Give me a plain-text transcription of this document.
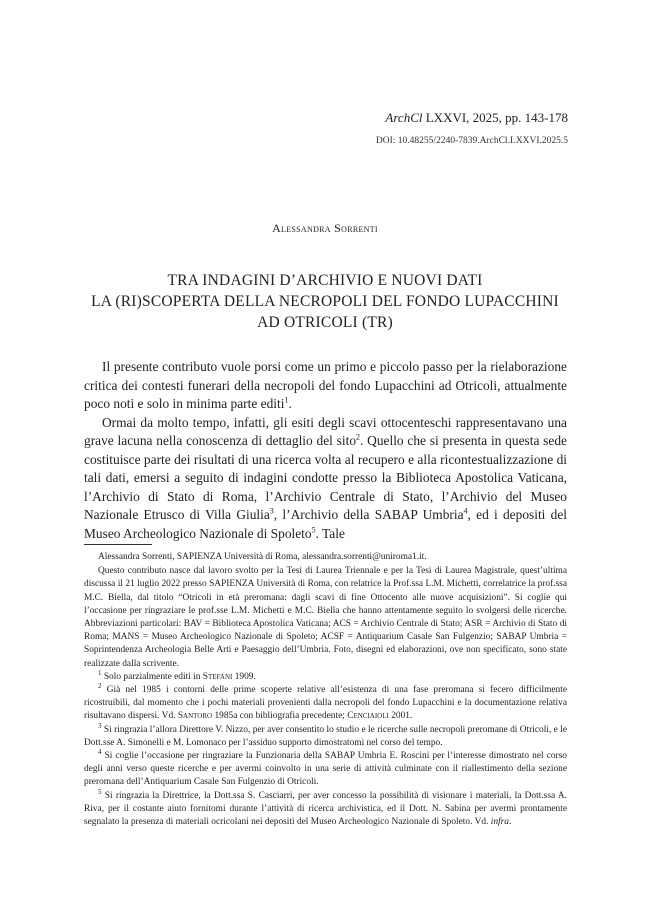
ArchCl LXXVI, 2025, pp. 143-178
DOI: 10.48255/2240-7839.ArchCl.LXXVI.2025.5
Alessandra Sorrenti
TRA INDAGINI D’ARCHIVIO E NUOVI DATI
LA (RI)SCOPERTA DELLA NECROPOLI DEL FONDO LUPACCHINI
AD OTRICOLI (TR)

Il presente contributo vuole porsi come un primo e piccolo passo per la rielaborazione critica dei contesti funerari della necropoli del fondo Lupacchini ad Otricoli, attualmente poco noti e solo in minima parte editi$^1$.

Ormai da molto tempo, infatti, gli esiti degli scavi ottocenteschi rappresentavano una grave lacuna nella conoscenza di dettaglio del sito$^2$. Quello che si presenta in questa sede costituisce parte dei risultati di una ricerca volta al recupero e alla ricontestualizzazione di tali dati, emersi a seguito di indagini condotte presso la Biblioteca Apostolica Vaticana, l’Archivio di Stato di Roma, l’Archivio Centrale di Stato, l’Archivio del Museo Nazionale Etrusco di Villa Giulia$^3$, l’Archivio della SABAP Umbria$^4$, ed i depositi del Museo Archeologico Nazionale di Spoleto$^5$. Tale

Alessandra Sorrenti, SAPIENZA Università di Roma, alessandra.sorrenti@uniroma1.it.

Questo contributo nasce dal lavoro svolto per la Tesi di Laurea Triennale e per la Tesi di Laurea Magistrale, quest’ultima discussa il 21 luglio 2022 presso SAPIENZA Università di Roma, con relatrice la Prof.ssa L.M. Michetti, correlatrice la prof.ssa M.C. Biella, dal titolo “Otricoli in età preromana: dagli scavi di fine Ottocento alle nuove acquisizioni”. Si coglie qui l’occasione per ringraziare le prof.sse L.M. Michetti e M.C. Biella che hanno attentamente seguito lo svolgersi delle ricerche. Abbreviazioni particolari: BAV = Biblioteca Apostolica Vaticana; ACS = Archivio Centrale di Stato; ASR = Archivio di Stato di Roma; MANS = Museo Archeologico Nazionale di Spoleto; ACSF = Antiquarium Casale San Fulgenzio; SABAP Umbria = Soprintendenza Archeologia Belle Arti e Paesaggio dell’Umbria. Foto, disegni ed elaborazioni, ove non specificato, sono state realizzate dalla scrivente.

$^1$ Solo parzialmente editi in Stefani 1909.

$^2$ Già nel 1985 i contorni delle prime scoperte relative all’esistenza di una fase preromana si fecero difficilmente ricostruibili, dal momento che i pochi materiali provenienti dalla necropoli del fondo Lupacchini e la documentazione relativa risultavano dispersi. Vd. Santoro 1985a con bibliografia precedente; Cenciaioli 2001.

$^3$ Si ringrazia l’allora Direttore V. Nizzo, per aver consentito lo studio e le ricerche sulle necropoli preromane di Otricoli, e le Dott.sse A. Simonelli e M. Lomonaco per l’assiduo supporto dimostratomi nel corso del tempo.

$^4$ Si coglie l’occasione per ringraziare la Funzionaria della SABAP Umbria E. Roscini per l’interesse dimostrato nel corso degli anni verso queste ricerche e per avermi coinvolto in una serie di attività culminate con il riallestimento della sezione preromana dell’Antiquarium Casale San Fulgenzio di Otricoli.

$^5$ Si ringrazia la Direttrice, la Dott.ssa S. Casciarri, per aver concesso la possibilità di visionare i materiali, la Dott.ssa A. Riva, per il costante aiuto fornitomi durante l’attività di ricerca archivistica, ed il Dott. N. Sabina per avermi prontamente segnalato la presenza di materiali ocricolani nei depositi del Museo Archeologico Nazionale di Spoleto. Vd. infra.
